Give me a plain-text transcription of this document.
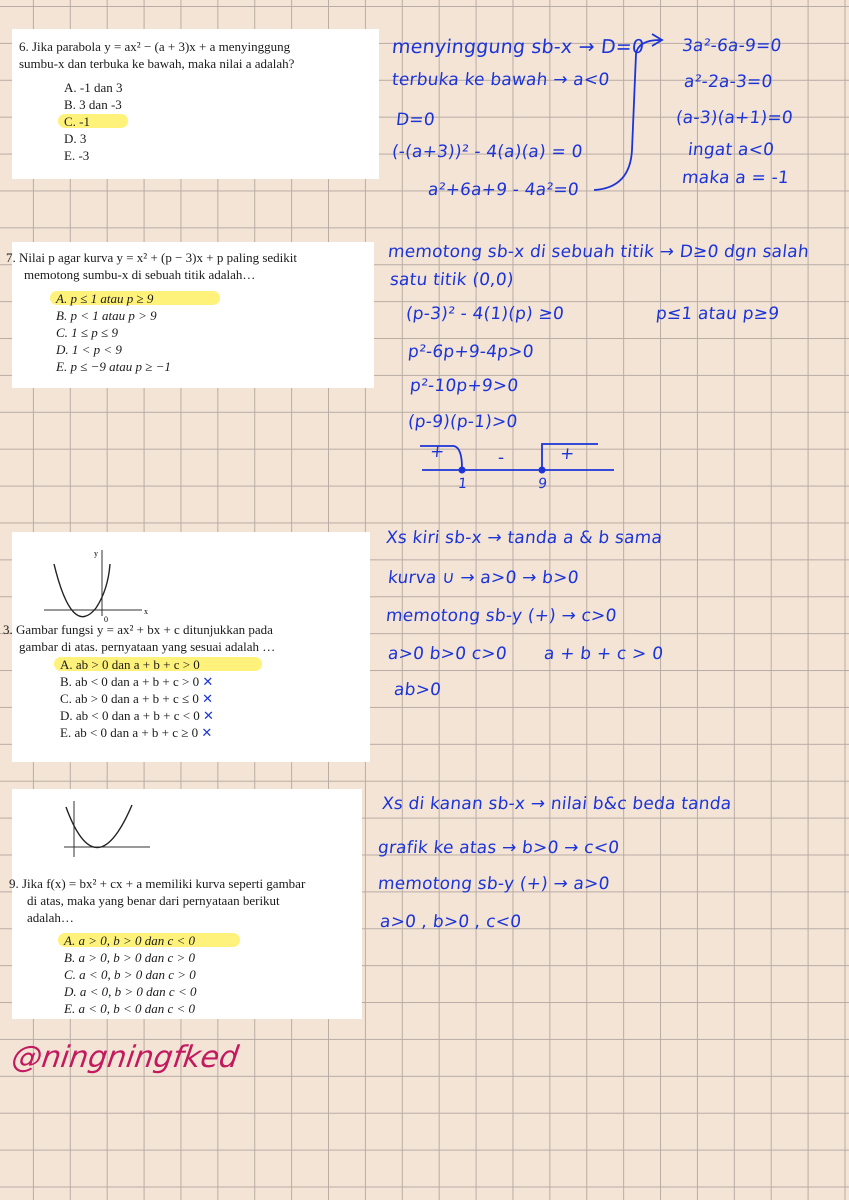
6. Jika parabola y = ax² − (a + 3)x + a menyinggung
sumbu-x dan terbuka ke bawah, maka nilai a adalah?
A. -1 dan 3
B. 3 dan -3
C. -1
D. 3
E. -3
7. Nilai p agar kurva y = x² + (p − 3)x + p paling sedikit
memotong sumbu-x di sebuah titik adalah…
A. p ≤ 1 atau p ≥ 9
B. p < 1 atau p > 9
C. 1 ≤ p ≤ 9
D. 1 < p < 9
E. p ≤ −9 atau p ≥ −1
y
x
0
3. Gambar fungsi y = ax² + bx + c ditunjukkan pada
gambar di atas. pernyataan yang sesuai adalah …
A. ab > 0 dan a + b + c > 0
B. ab < 0 dan a + b + c > 0 ✕
C. ab > 0 dan a + b + c ≤ 0 ✕
D. ab < 0 dan a + b + c < 0 ✕
E. ab < 0 dan a + b + c ≥ 0 ✕
9. Jika f(x) = bx² + cx + a memiliki kurva seperti gambar
di atas, maka yang benar dari pernyataan berikut
adalah…
A. a > 0, b > 0 dan c < 0
B. a > 0, b > 0 dan c > 0
C. a < 0, b > 0 dan c > 0
D. a < 0, b > 0 dan c < 0
E. a < 0, b < 0 dan c < 0
menyinggung sb-x → D=0
terbuka ke bawah → a<0
D=0
(-(a+3))² - 4(a)(a) = 0
a²+6a+9 - 4a²=0
3a²-6a-9=0
a²-2a-3=0
(a-3)(a+1)=0
ingat a<0
maka a = -1
memotong sb-x di sebuah titik → D≥0 dgn salah
satu titik (0,0)
(p-3)² - 4(1)(p) ≥0	p≤1 atau p≥9
p²-6p+9-4p>0
p²-10p+9>0
(p-9)(p-1)>0
+	-	+
1	9
Xs kiri sb-x → tanda a & b sama
kurva ∪ → a>0 → b>0
memotong sb-y (+) → c>0
a>0 b>0 c>0 a + b + c > 0
ab>0
Xs di kanan sb-x → nilai b&c beda tanda
grafik ke atas → b>0 → c<0
memotong sb-y (+) → a>0
a>0 , b>0 , c<0
@ningningfked
